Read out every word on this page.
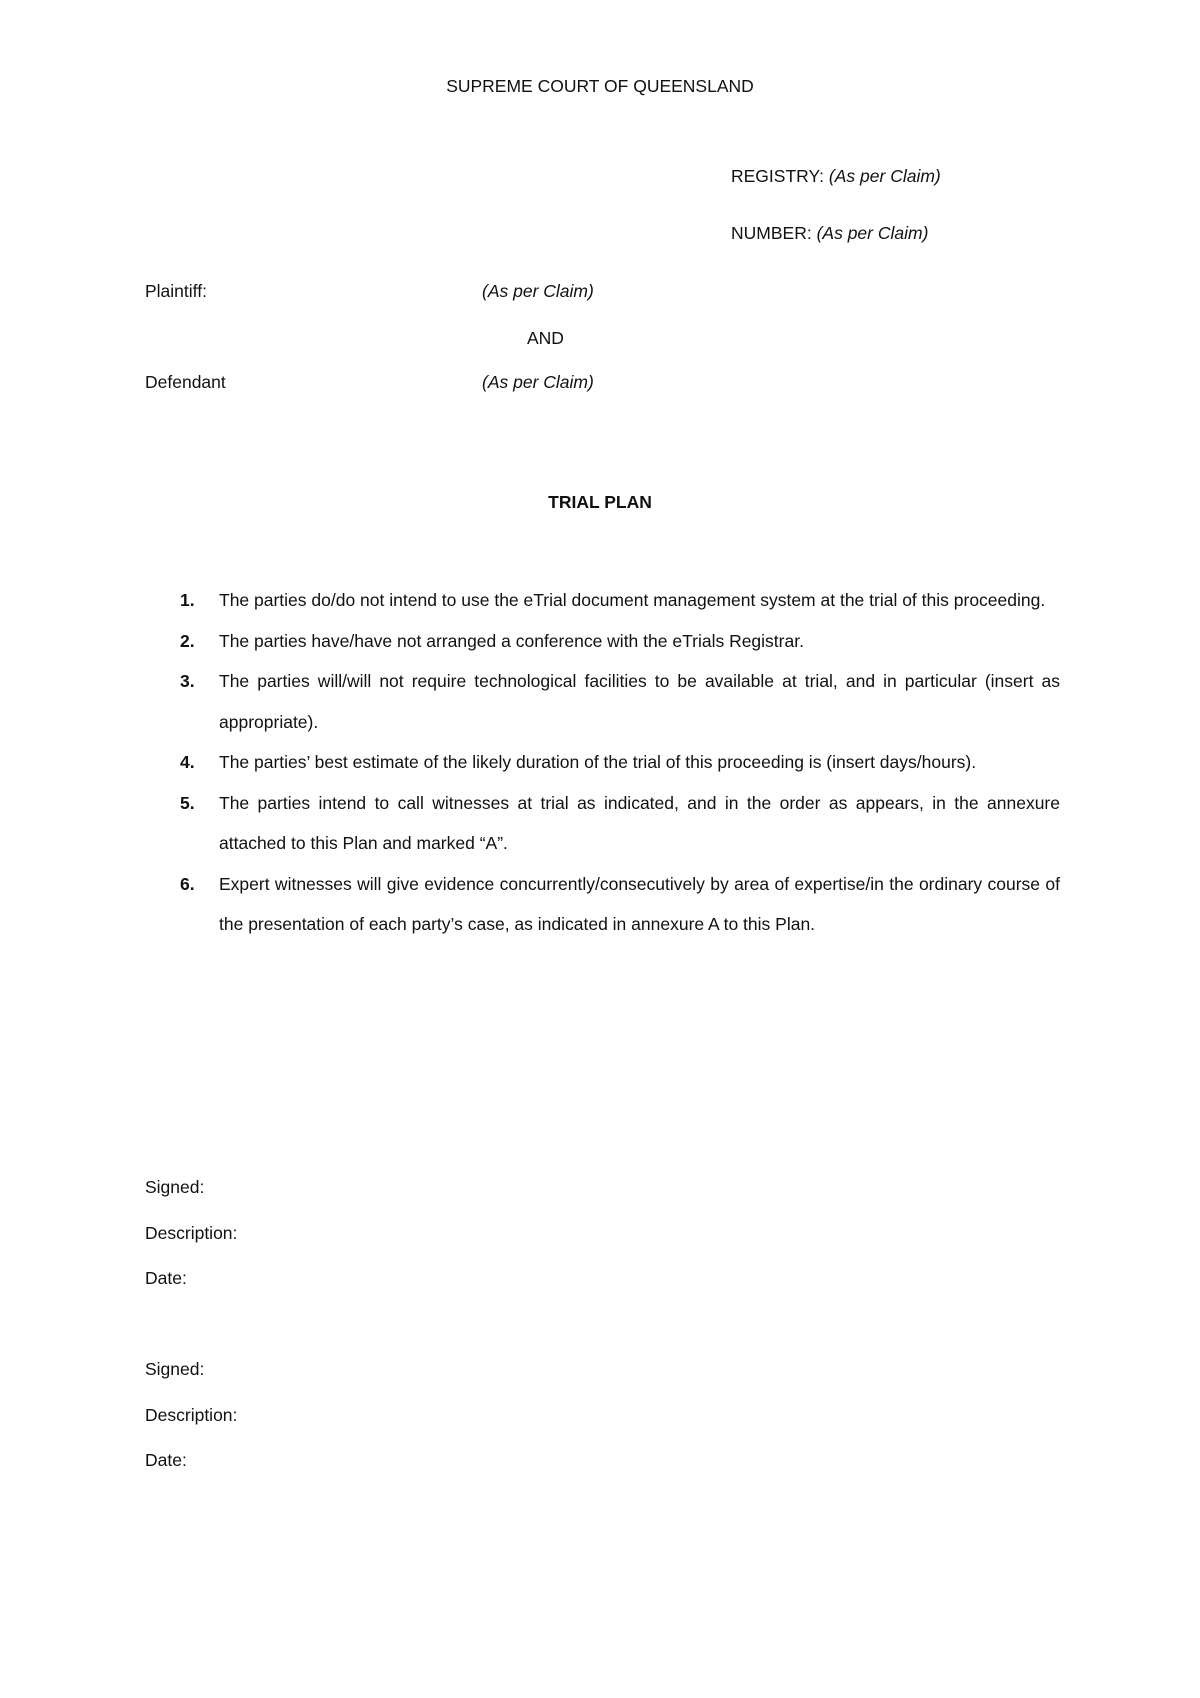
SUPREME COURT OF QUEENSLAND
REGISTRY: (As per Claim)
NUMBER: (As per Claim)
Plaintiff:	(As per Claim)
AND
Defendant	(As per Claim)
TRIAL PLAN
1. The parties do/do not intend to use the eTrial document management system at the trial of this proceeding.
2. The parties have/have not arranged a conference with the eTrials Registrar.
3. The parties will/will not require technological facilities to be available at trial, and in particular (insert as appropriate).
4. The parties’ best estimate of the likely duration of the trial of this proceeding is (insert days/hours).
5. The parties intend to call witnesses at trial as indicated, and in the order as appears, in the annexure attached to this Plan and marked “A”.
6. Expert witnesses will give evidence concurrently/consecutively by area of expertise/in the ordinary course of the presentation of each party’s case, as indicated in annexure A to this Plan.
Signed:
Description:
Date:
Signed:
Description:
Date:
